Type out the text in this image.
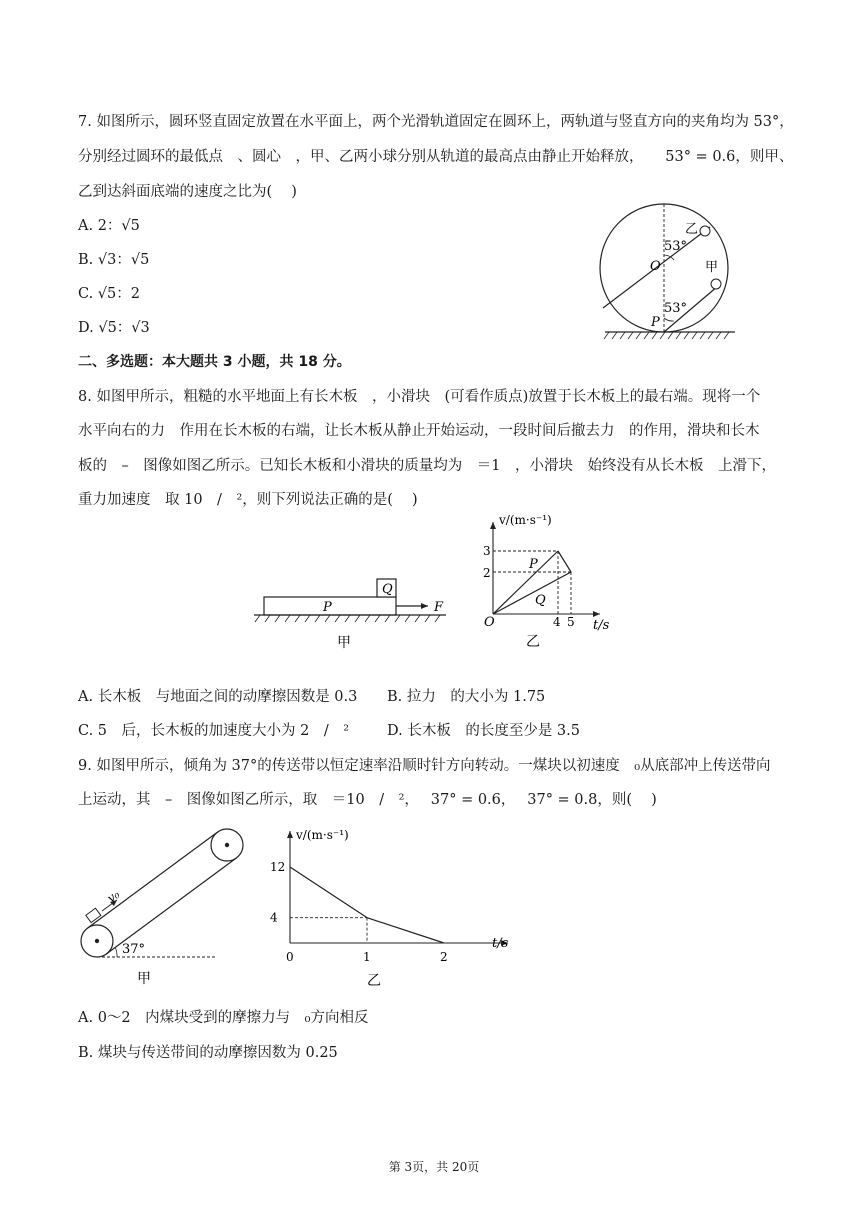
7. 如图所示，圆环竖直固定放置在水平面上，两个光滑轨道固定在圆环上，两轨道与竖直方向的夹角均为 53°，
分别经过圆环的最低点　、圆心　，甲、乙两小球分别从轨道的最高点由静止开始释放，　　53° = 0.6，则甲、
乙到达斜面底端的速度之比为(　 )
A. 2：√5
B. √3：√5
C. √5：2
D. √5：√3
53°
53°
O
P
乙
甲
二、多选题：本大题共 3 小题，共 18 分。
8. 如图甲所示，粗糙的水平地面上有长木板　，小滑块　(可看作质点)放置于长木板上的最右端。现将一个
水平向右的力　作用在长木板的右端，让长木板从静止开始运动，一段时间后撤去力　的作用，滑块和长木
板的　–　图像如图乙所示。已知长木板和小滑块的质量均为　＝1　，小滑块　始终没有从长木板　上滑下，
重力加速度　取 10　/　²，则下列说法正确的是(　 )
Q
P	F
甲
v/(m·s⁻¹)
t/s
O
3
2
4 5
P
Q
乙
A. 长木板　与地面之间的动摩擦因数是 0.3 B. 拉力　的大小为 1.75
C. 5　后，长木板的加速度大小为 2　/　²	D. 长木板　的长度至少是 3.5
9. 如图甲所示，倾角为 37°的传送带以恒定速率沿顺时针方向转动。一煤块以初速度　₀从底部冲上传送带向
上运动，其　–　图像如图乙所示，取　＝10　/　²，　 37° = 0.6，　 37° = 0.8，则(　 )
v₀
37°
甲
v/(m·s⁻¹)
t/s
0	1	2
12
4
乙
A. 0～2　内煤块受到的摩擦力与　₀方向相反
B. 煤块与传送带间的动摩擦因数为 0.25
第 3页，共 20页
